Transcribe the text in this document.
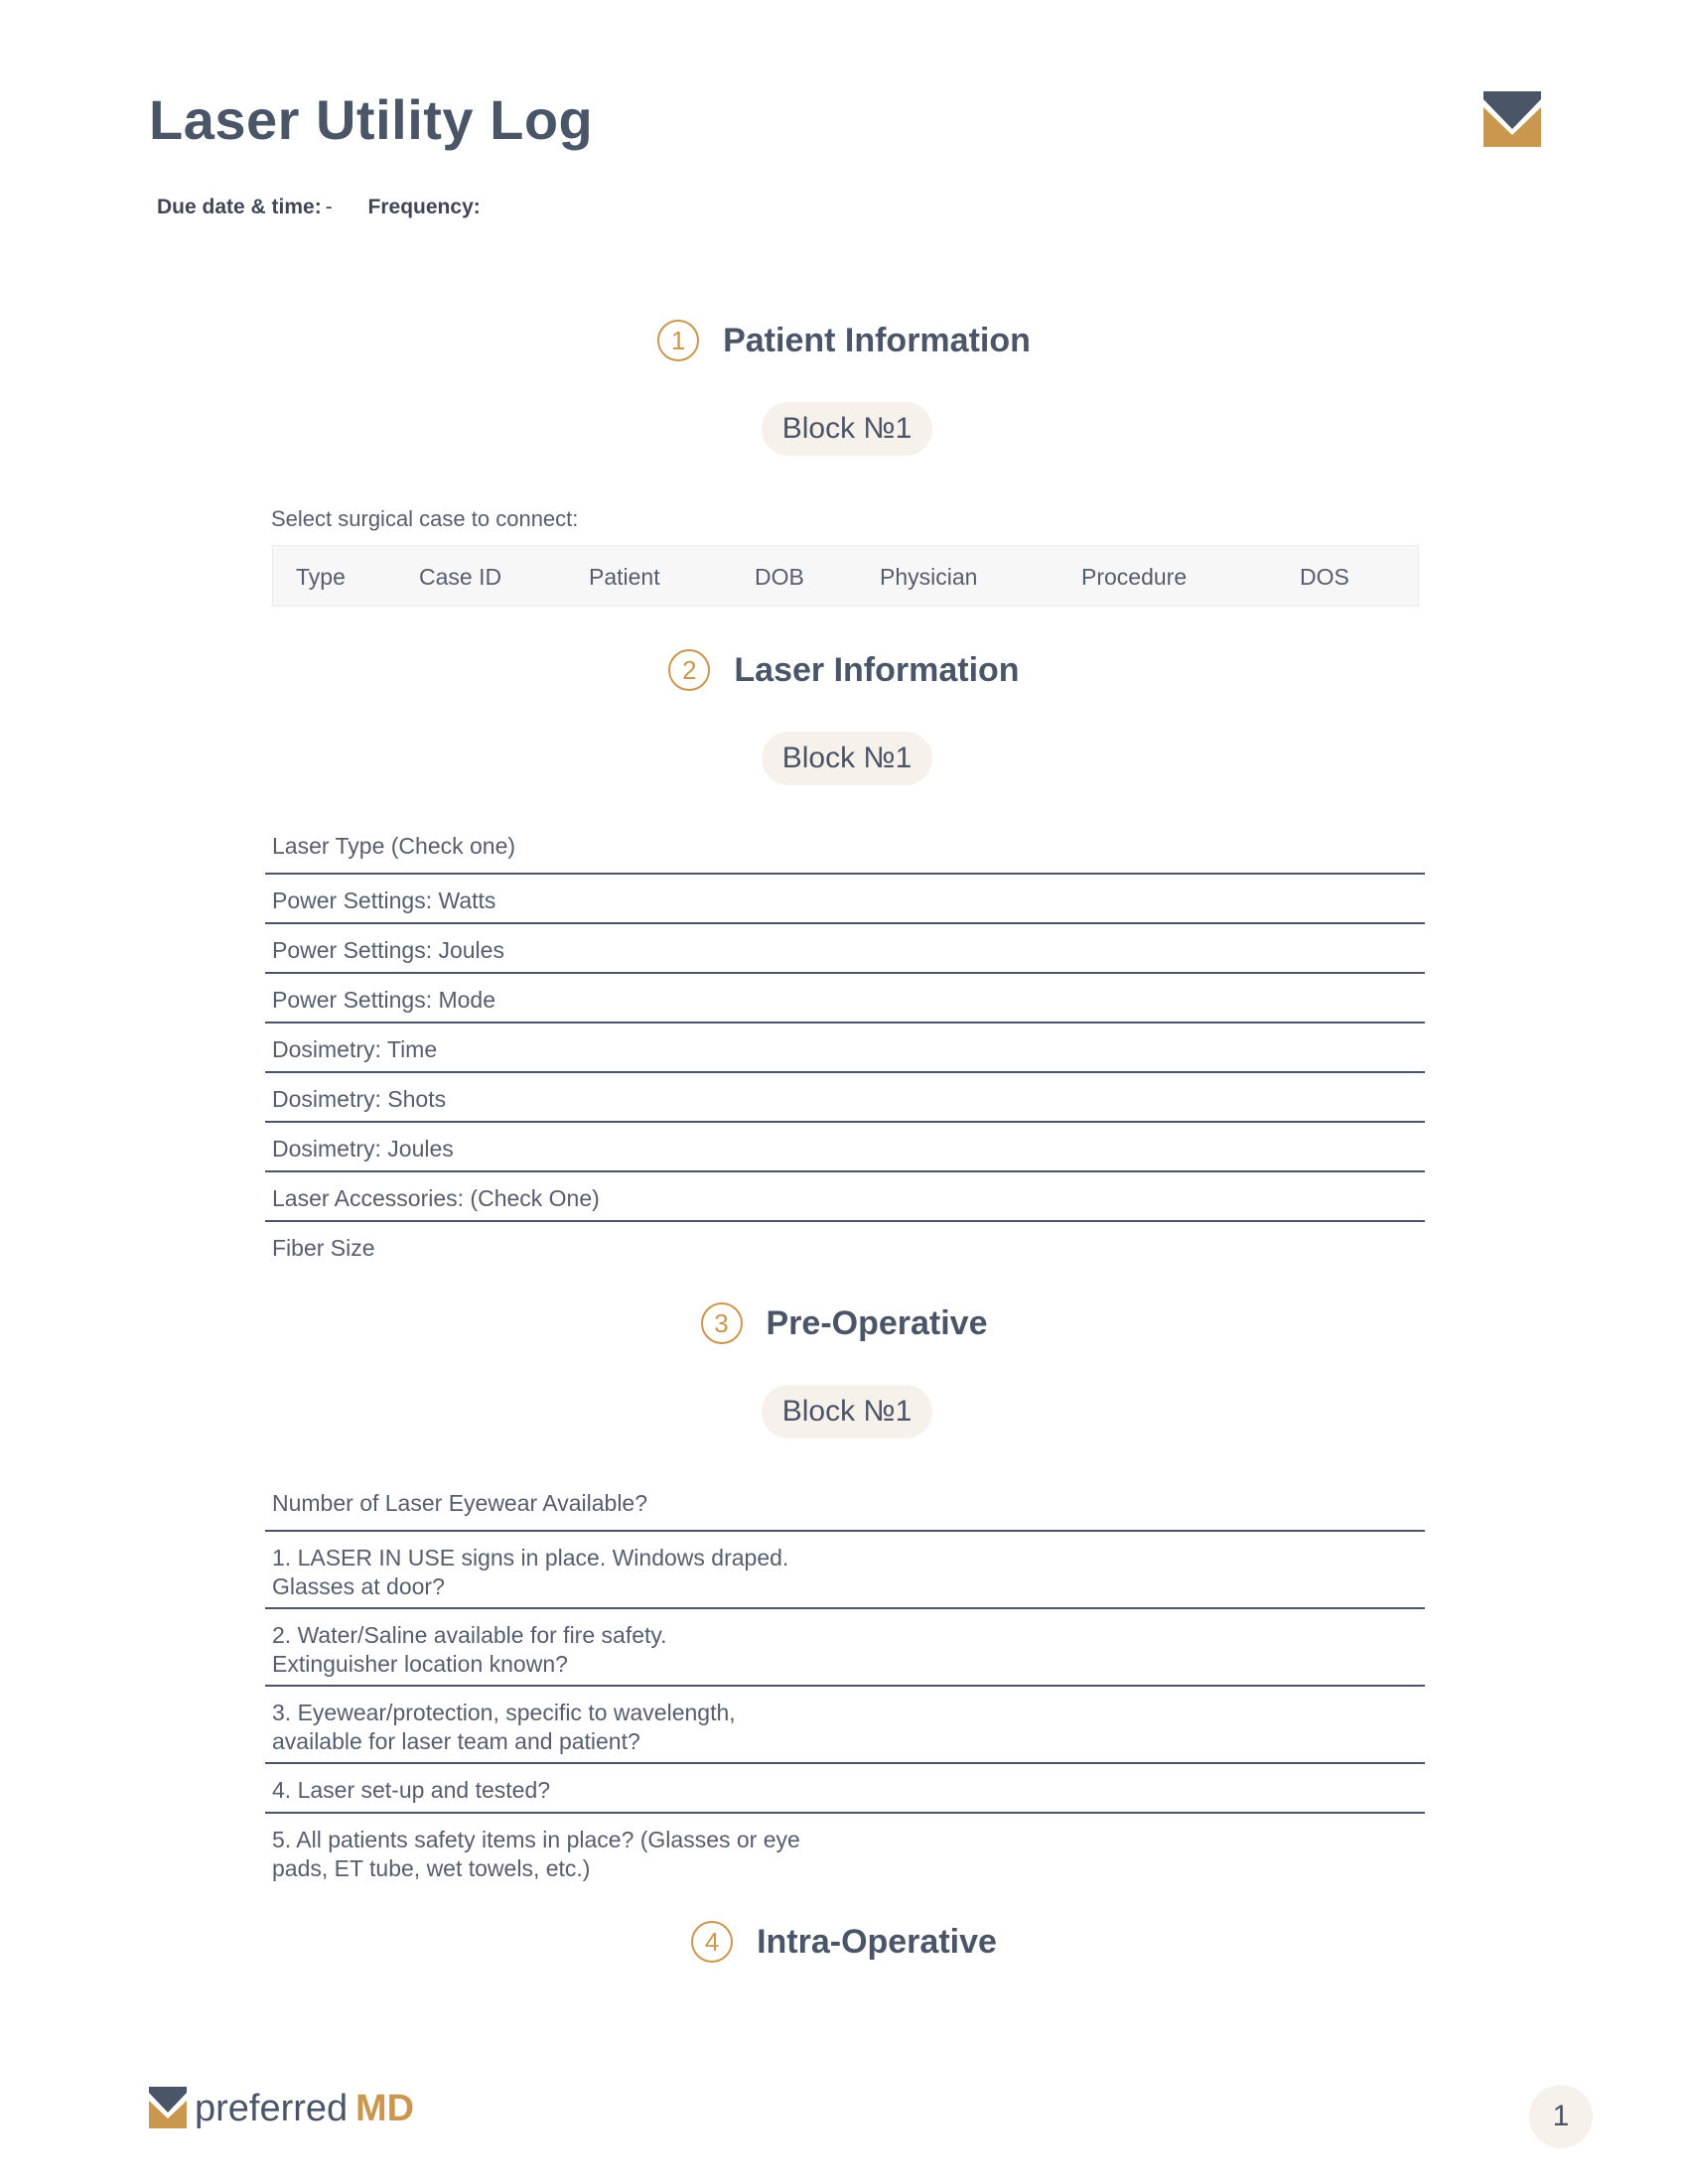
Laser Utility Log
Due date & time: - Frequency:
1	Patient Information
Block №1
Select surgical case to connect:
Type	Case ID	Patient	DOB	Physician	Procedure	DOS
2	Laser Information
Block №1
Laser Type (Check one)
Power Settings: Watts
Power Settings: Joules
Power Settings: Mode
Dosimetry: Time
Dosimetry: Shots
Dosimetry: Joules
Laser Accessories: (Check One)
Fiber Size
3	Pre-Operative
Block №1
Number of Laser Eyewear Available?
1. LASER IN USE signs in place. Windows draped.
Glasses at door?
2. Water/Saline available for fire safety.
Extinguisher location known?
3. Eyewear/protection, specific to wavelength,
available for laser team and patient?
4. Laser set-up and tested?
5. All patients safety items in place? (Glasses or eye
pads, ET tube, wet towels, etc.)
4	Intra-Operative
preferred MD	1
